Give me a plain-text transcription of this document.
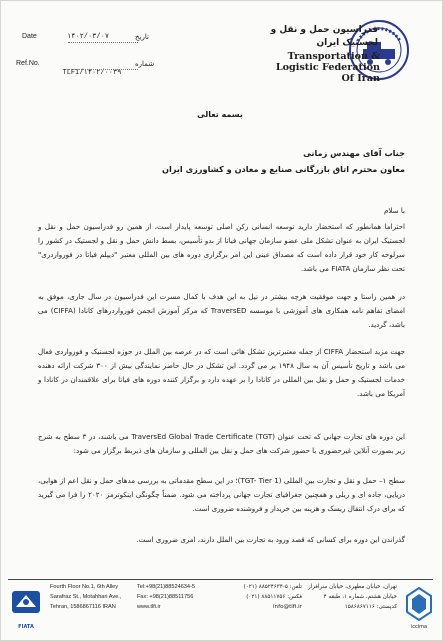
فدراسیون حمل و نقل و
لجستیک ایران
Transportation &
Logistic Federation
Of Iran
Date	۱۴۰۲/۰۳/۰۷	تاریخ
Ref.No.
TLFI/۱۴۰۲/۰۰۳۹
شماره
بسمه تعالی
جناب آقای مهندس زمانی
معاون محترم اتاق بازرگانی صنایع و معادن و کشاورزی ایران
با سلام
احتراما همانطور که استحضار دارید توسعه انسانی رکن اصلی توسعه پایدار است، از همین رو فدراسیون حمل و نقل و لجستیک ایران به عنوان تشکل ملی عضو سازمان جهانی فیاتا از بدو تأسیس، بسط دانش حمل و نقل و لجستیک در کشور را سرلوحه کار خود قرار داده است که مصداق عینی این امر برگزاری دوره های بین المللی معتبر "دیپلم فیاتا در فورواردری" تحت نظر سازمان FIATA می باشد.
در همین راستا و جهت موفقیت هرچه بیشتر در نیل به این هدف با کمال مسرت این فدراسیون در سال جاری، موفق به امضای تفاهم نامه همکاری های آموزشی با موسسه TraversED که مرکز آموزش انجمن فورواردرهای کانادا (CIFFA) می باشد، گردید.
جهت مزید استحضار CIFFA از جمله معتبرترین تشکل هائی است که در عرصه بین الملل در حوزه لجستیک و فورواردی فعال می باشد و تاریخ تأسیس آن به سال ۱۹۴۸ بر می گردد. این تشکل در حال حاضر نمایندگی بیش از ۳۰۰ شرکت ارائه دهنده خدمات لجستیک و حمل و نقل بین المللی در کانادا را بر عهده دارد و برگزار کننده دوره های فیاتا برای علاقمندان در کانادا و آمریکا می باشد.
این دوره های تجارت جهانی که تحت عنوان (TraversEd Global Trade Certificate (TGT می باشند، در ۳ سطح به شرح زیر بصورت آنلاین غیرحضوری با حضور شرکت های حمل و نقل بین المللی و سازمان های ذیربط برگزار می شود:
سطح ۱– حمل و نقل و تجارت بین المللی (TGT- Tier 1)؛ در این سطح مقدماتی به بررسی مدهای حمل و نقل اعم از هوایی، دریایی، جاده ای و ریلی و همچنین جغرافیای تجارت جهانی پرداخته می شود. ضمناً چگونگی اینکوترمز ۲۰۲۰ را فرا می گیرید که برای درک انتقال ریسک و هزینه بین خریدار و فروشنده ضروری است.
گذراندن این دوره برای کسانی که قصد ورود به تجارت بین الملل دارند، امری ضروری است.
FIATA
Fourth Floor No.1, 6th Alley
Sarafraz St., Motahhari Ave.,
Tehran, 1586867116 IRAN
Tel:+98(21)88524634-5
Fax: +98(21)88511756
www.tlfi.ir
تلفن: ۵-۸۸۵۲۴۶۳۴ (۰۲۱)
فکس: ۸۸۵۱۱۷۵۶ (۰۲۱)
info@tlfi.ir
تهران، خیابان مطهری، خیابان سرافراز
خیابان هشتم، شماره ۱، طبقه ۴
کدپستی: ۱۵۸۶۸۶۷۱۱۶
iccima
